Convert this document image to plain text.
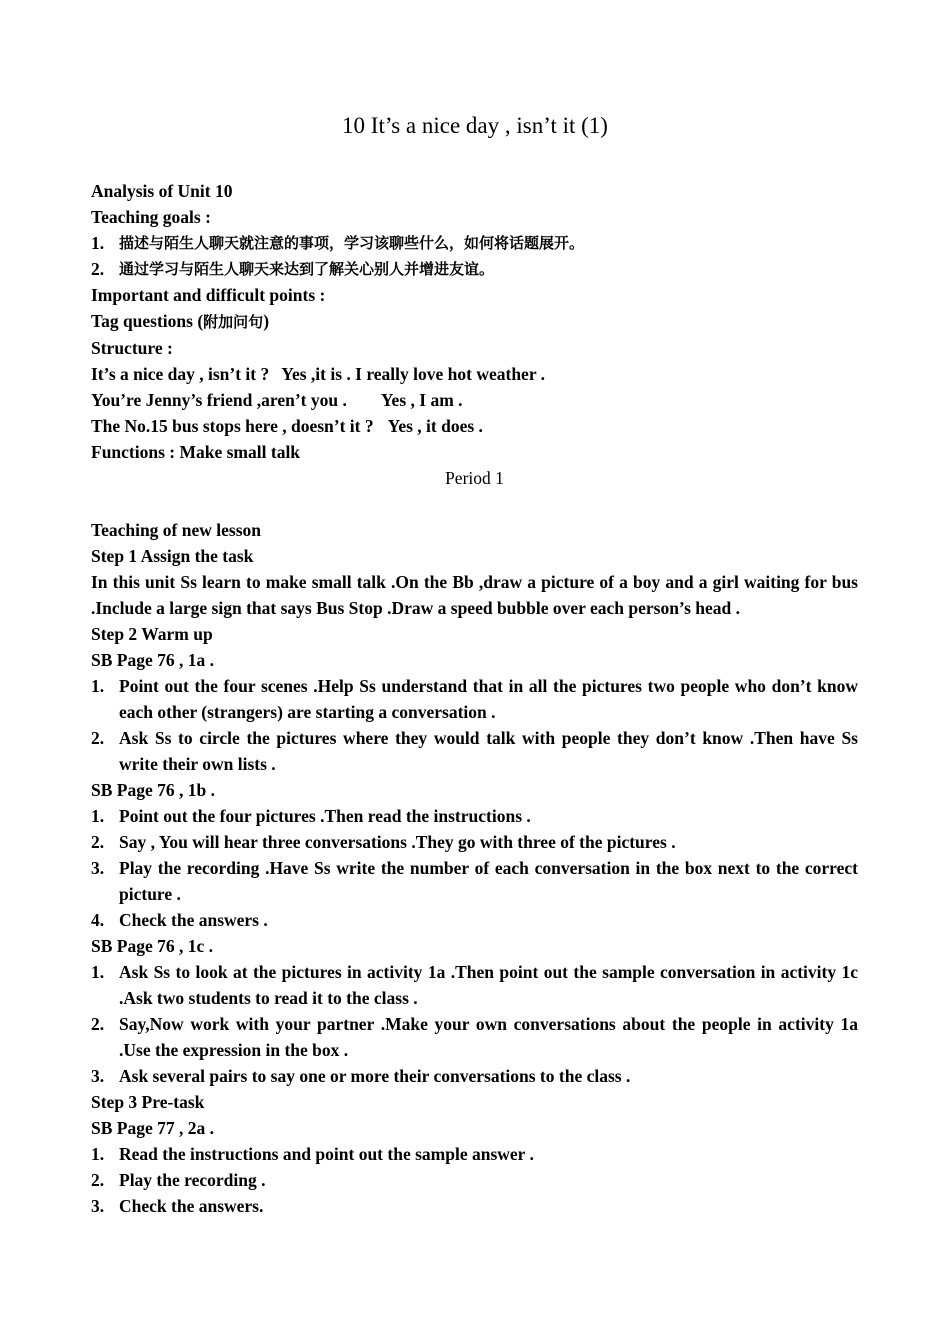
10 It’s a nice day , isn’t it (1)

Analysis of Unit 10

Teaching goals :

1. 描述与陌生人聊天就注意的事项，学习该聊些什么，如何将话题展开。
2. 通过学习与陌生人聊天来达到了解关心别人并增进友谊。

Important and difficult points :

Tag questions (附加问句)

Structure :

It’s a nice day , isn’t it ? Yes ,it is . I really love hot weather .

You’re Jenny’s friend ,aren’t you . Yes , I am .

The No.15 bus stops here , doesn’t it ? Yes , it does .

Functions : Make small talk

Period 1

Teaching of new lesson

Step 1 Assign the task

In this unit Ss learn to make small talk .On the Bb ,draw a picture of a boy and a girl waiting for bus .Include a large sign that says Bus Stop .Draw a speed bubble over each person’s head .

Step 2 Warm up

SB Page 76 , 1a .

1. Point out the four scenes .Help Ss understand that in all the pictures two people who don’t know each other (strangers) are starting a conversation .
2. Ask Ss to circle the pictures where they would talk with people they don’t know .Then have Ss write their own lists .

SB Page 76 , 1b .

1. Point out the four pictures .Then read the instructions .
2. Say , You will hear three conversations .They go with three of the pictures .
3. Play the recording .Have Ss write the number of each conversation in the box next to the correct picture .
4. Check the answers .

SB Page 76 , 1c .

1. Ask Ss to look at the pictures in activity 1a .Then point out the sample conversation in activity 1c .Ask two students to read it to the class .
2. Say,Now work with your partner .Make your own conversations about the people in activity 1a .Use the expression in the box .
3. Ask several pairs to say one or more their conversations to the class .

Step 3 Pre-task

SB Page 77 , 2a .

1. Read the instructions and point out the sample answer .
2. Play the recording .
3. Check the answers.
